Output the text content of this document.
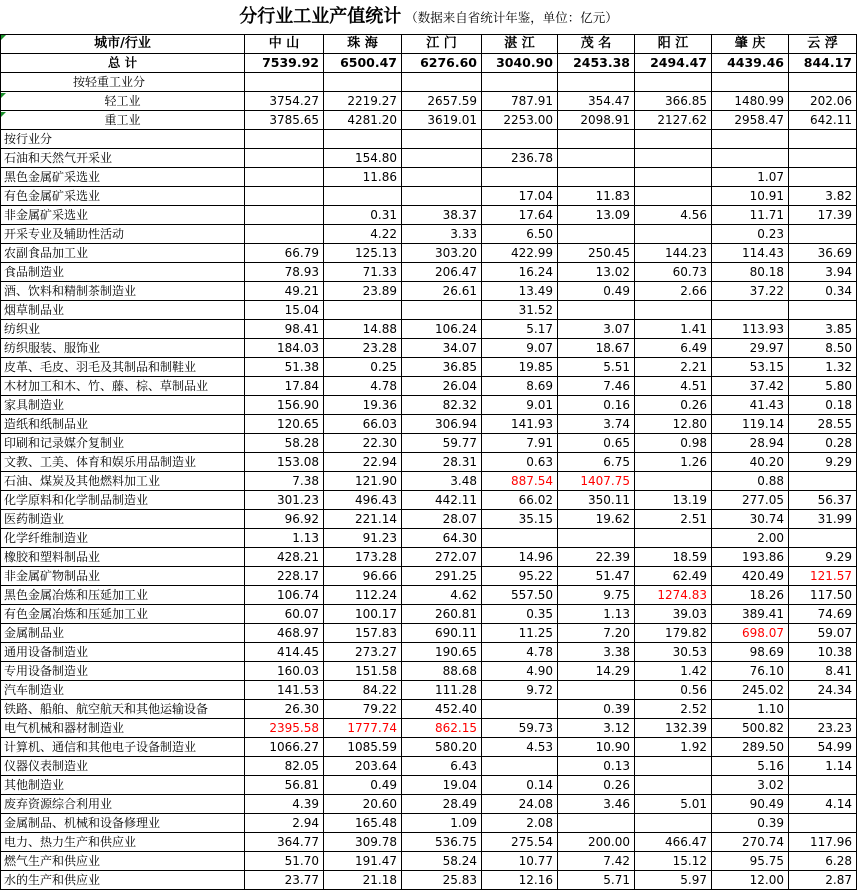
分行业工业产值统计 （数据来自省统计年鉴，单位：亿元）
城市/行业	中 山	珠 海	江 门	湛 江	茂 名	阳 江	肇 庆	云 浮
总 计	7539.92	6500.47	6276.60	3040.90	2453.38	2494.47	4439.46	844.17
按轻重工业分								
轻工业	3754.27	2219.27	2657.59	787.91	354.47	366.85	1480.99	202.06
重工业	3785.65	4281.20	3619.01	2253.00	2098.91	2127.62	2958.47	642.11
按行业分								
石油和天然气开采业		154.80		236.78				
黑色金属矿采选业		11.86					1.07	
有色金属矿采选业				17.04	11.83		10.91	3.82
非金属矿采选业		0.31	38.37	17.64	13.09	4.56	11.71	17.39
开采专业及辅助性活动		4.22	3.33	6.50			0.23	
农副食品加工业	66.79	125.13	303.20	422.99	250.45	144.23	114.43	36.69
食品制造业	78.93	71.33	206.47	16.24	13.02	60.73	80.18	3.94
酒、饮料和精制茶制造业	49.21	23.89	26.61	13.49	0.49	2.66	37.22	0.34
烟草制品业	15.04			31.52				
纺织业	98.41	14.88	106.24	5.17	3.07	1.41	113.93	3.85
纺织服装、服饰业	184.03	23.28	34.07	9.07	18.67	6.49	29.97	8.50
皮革、毛皮、羽毛及其制品和制鞋业	51.38	0.25	36.85	19.85	5.51	2.21	53.15	1.32
木材加工和木、竹、藤、棕、草制品业	17.84	4.78	26.04	8.69	7.46	4.51	37.42	5.80
家具制造业	156.90	19.36	82.32	9.01	0.16	0.26	41.43	0.18
造纸和纸制品业	120.65	66.03	306.94	141.93	3.74	12.80	119.14	28.55
印刷和记录媒介复制业	58.28	22.30	59.77	7.91	0.65	0.98	28.94	0.28
文教、工美、体育和娱乐用品制造业	153.08	22.94	28.31	0.63	6.75	1.26	40.20	9.29
石油、煤炭及其他燃料加工业	7.38	121.90	3.48	887.54	1407.75		0.88	
化学原料和化学制品制造业	301.23	496.43	442.11	66.02	350.11	13.19	277.05	56.37
医药制造业	96.92	221.14	28.07	35.15	19.62	2.51	30.74	31.99
化学纤维制造业	1.13	91.23	64.30				2.00	
橡胶和塑料制品业	428.21	173.28	272.07	14.96	22.39	18.59	193.86	9.29
非金属矿物制品业	228.17	96.66	291.25	95.22	51.47	62.49	420.49	121.57
黑色金属冶炼和压延加工业	106.74	112.24	4.62	557.50	9.75	1274.83	18.26	117.50
有色金属冶炼和压延加工业	60.07	100.17	260.81	0.35	1.13	39.03	389.41	74.69
金属制品业	468.97	157.83	690.11	11.25	7.20	179.82	698.07	59.07
通用设备制造业	414.45	273.27	190.65	4.78	3.38	30.53	98.69	10.38
专用设备制造业	160.03	151.58	88.68	4.90	14.29	1.42	76.10	8.41
汽车制造业	141.53	84.22	111.28	9.72		0.56	245.02	24.34
铁路、船舶、航空航天和其他运输设备	26.30	79.22	452.40		0.39	2.52	1.10	
电气机械和器材制造业	2395.58	1777.74	862.15	59.73	3.12	132.39	500.82	23.23
计算机、通信和其他电子设备制造业	1066.27	1085.59	580.20	4.53	10.90	1.92	289.50	54.99
仪器仪表制造业	82.05	203.64	6.43		0.13		5.16	1.14
其他制造业	56.81	0.49	19.04	0.14	0.26		3.02	
废弃资源综合利用业	4.39	20.60	28.49	24.08	3.46	5.01	90.49	4.14
金属制品、机械和设备修理业	2.94	165.48	1.09	2.08			0.39	
电力、热力生产和供应业	364.77	309.78	536.75	275.54	200.00	466.47	270.74	117.96
燃气生产和供应业	51.70	191.47	58.24	10.77	7.42	15.12	95.75	6.28
水的生产和供应业	23.77	21.18	25.83	12.16	5.71	5.97	12.00	2.87
